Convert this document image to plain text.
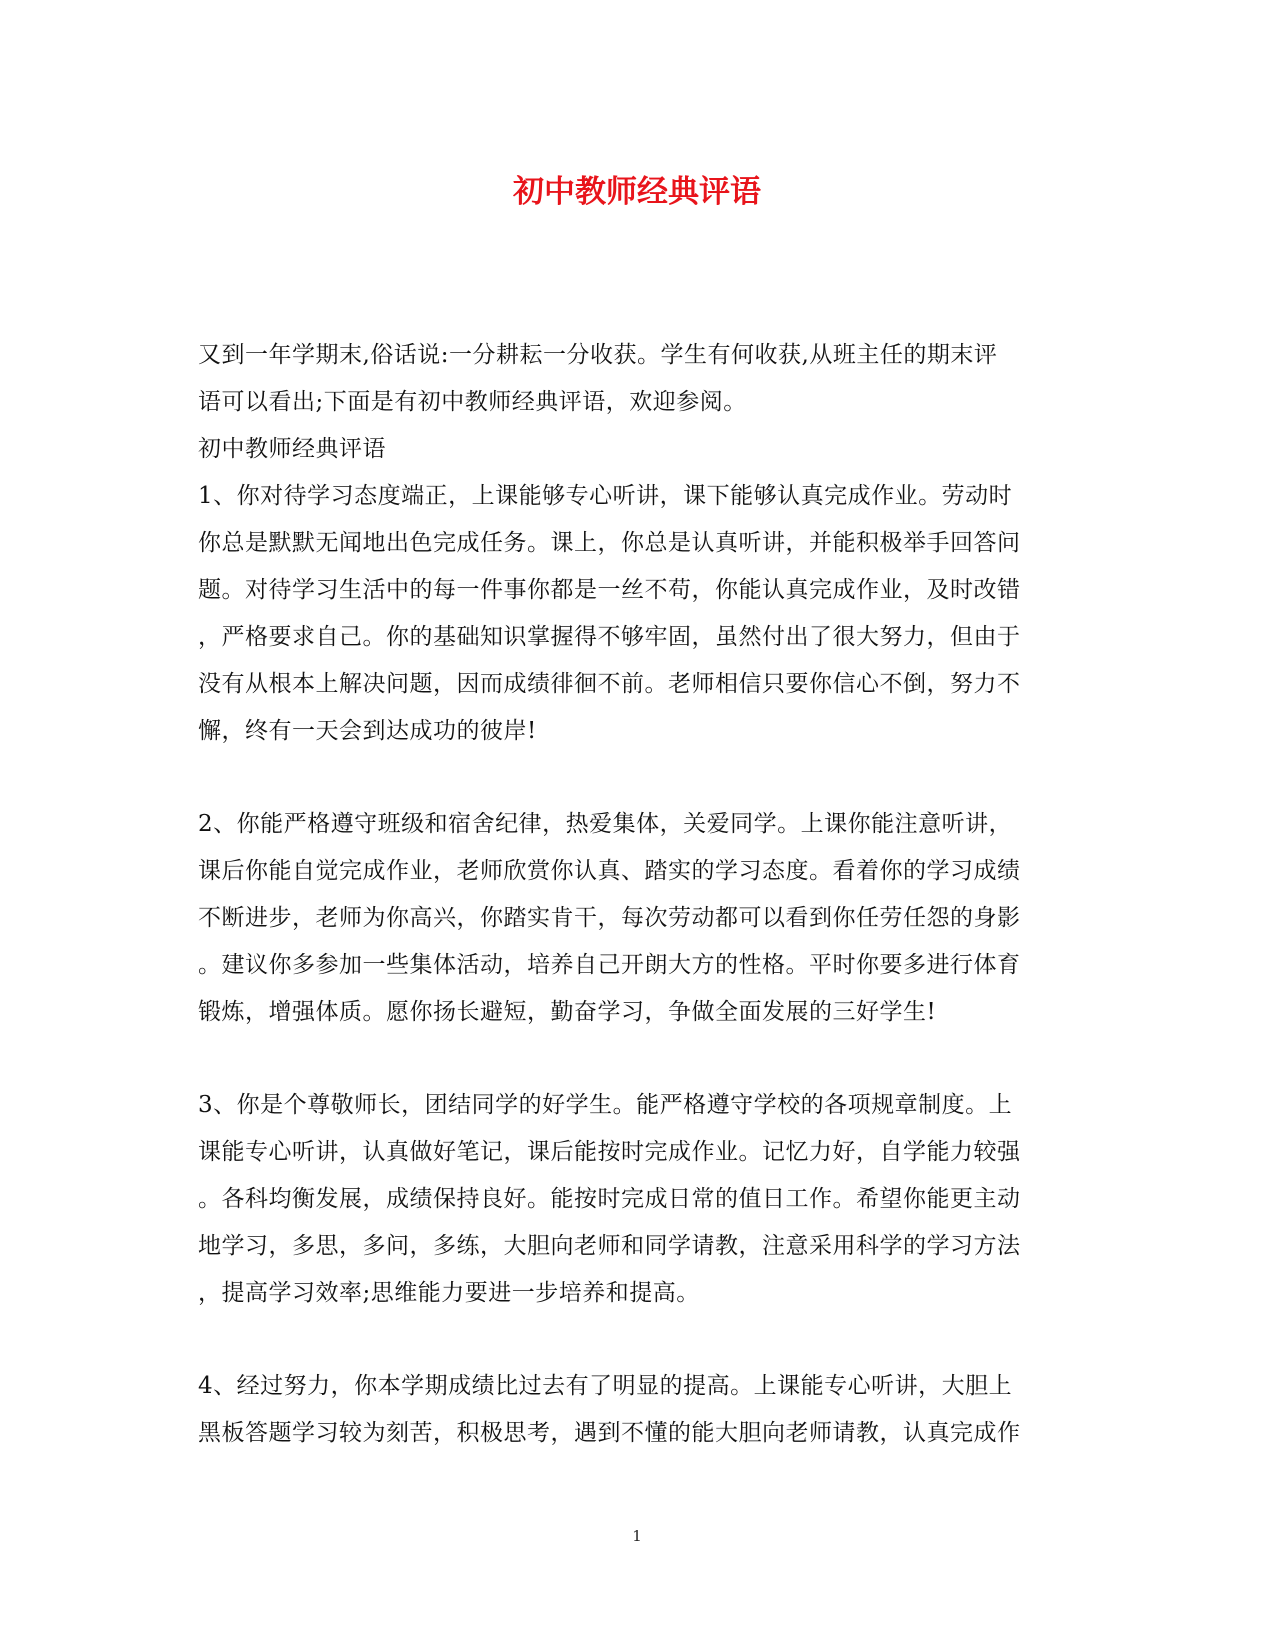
初中教师经典评语
又到一年学期末,俗话说:一分耕耘一分收获。学生有何收获,从班主任的期末评
语可以看出;下面是有初中教师经典评语，欢迎参阅。
初中教师经典评语
1、你对待学习态度端正，上课能够专心听讲，课下能够认真完成作业。劳动时
你总是默默无闻地出色完成任务。课上，你总是认真听讲，并能积极举手回答问
题。对待学习生活中的每一件事你都是一丝不苟，你能认真完成作业，及时改错
，严格要求自己。你的基础知识掌握得不够牢固，虽然付出了很大努力，但由于
没有从根本上解决问题，因而成绩徘徊不前。老师相信只要你信心不倒，努力不
懈，终有一天会到达成功的彼岸!
2、你能严格遵守班级和宿舍纪律，热爱集体，关爱同学。上课你能注意听讲，
课后你能自觉完成作业，老师欣赏你认真、踏实的学习态度。看着你的学习成绩
不断进步，老师为你高兴，你踏实肯干，每次劳动都可以看到你任劳任怨的身影
。建议你多参加一些集体活动，培养自己开朗大方的性格。平时你要多进行体育
锻炼，增强体质。愿你扬长避短，勤奋学习，争做全面发展的三好学生!
3、你是个尊敬师长，团结同学的好学生。能严格遵守学校的各项规章制度。上
课能专心听讲，认真做好笔记，课后能按时完成作业。记忆力好，自学能力较强
。各科均衡发展，成绩保持良好。能按时完成日常的值日工作。希望你能更主动
地学习，多思，多问，多练，大胆向老师和同学请教，注意采用科学的学习方法
，提高学习效率;思维能力要进一步培养和提高。
4、经过努力，你本学期成绩比过去有了明显的提高。上课能专心听讲，大胆上
黑板答题学习较为刻苦，积极思考，遇到不懂的能大胆向老师请教，认真完成作
1
